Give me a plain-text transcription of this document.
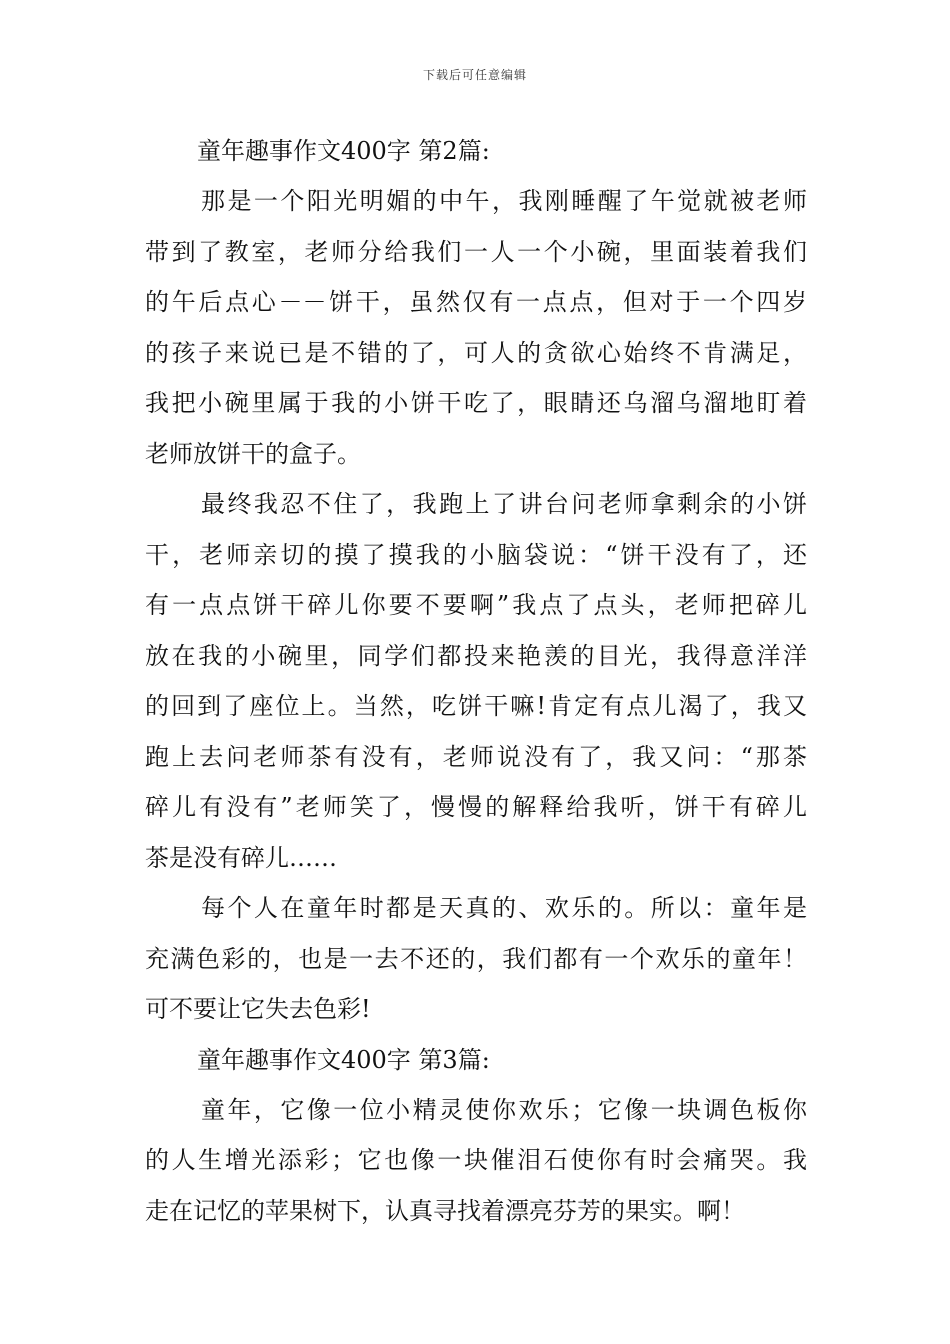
下载后可任意编辑

童年趣事作文400字 第2篇:

那是一个阳光明媚的中午，我刚睡醒了午觉就被老师
带到了教室，老师分给我们一人一个小碗，里面装着我们
的午后点心－－饼干，虽然仅有一点点，但对于一个四岁
的孩子来说已是不错的了，可人的贪欲心始终不肯满足，
我把小碗里属于我的小饼干吃了，眼睛还乌溜乌溜地盯着
老师放饼干的盒子。

最终我忍不住了，我跑上了讲台问老师拿剩余的小饼
干，老师亲切的摸了摸我的小脑袋说：“饼干没有了，还
有一点点饼干碎儿你要不要啊”我点了点头，老师把碎儿
放在我的小碗里，同学们都投来艳羡的目光，我得意洋洋
的回到了座位上。当然，吃饼干嘛!肯定有点儿渴了，我又
跑上去问老师茶有没有，老师说没有了，我又问：“那茶
碎儿有没有”老师笑了，慢慢的解释给我听，饼干有碎儿
茶是没有碎儿……

每个人在童年时都是天真的、欢乐的。所以：童年是
充满色彩的，也是一去不还的，我们都有一个欢乐的童年！
可不要让它失去色彩!

童年趣事作文400字 第3篇:

童年，它像一位小精灵使你欢乐；它像一块调色板你
的人生增光添彩；它也像一块催泪石使你有时会痛哭。我
走在记忆的苹果树下，认真寻找着漂亮芬芳的果实。啊！
